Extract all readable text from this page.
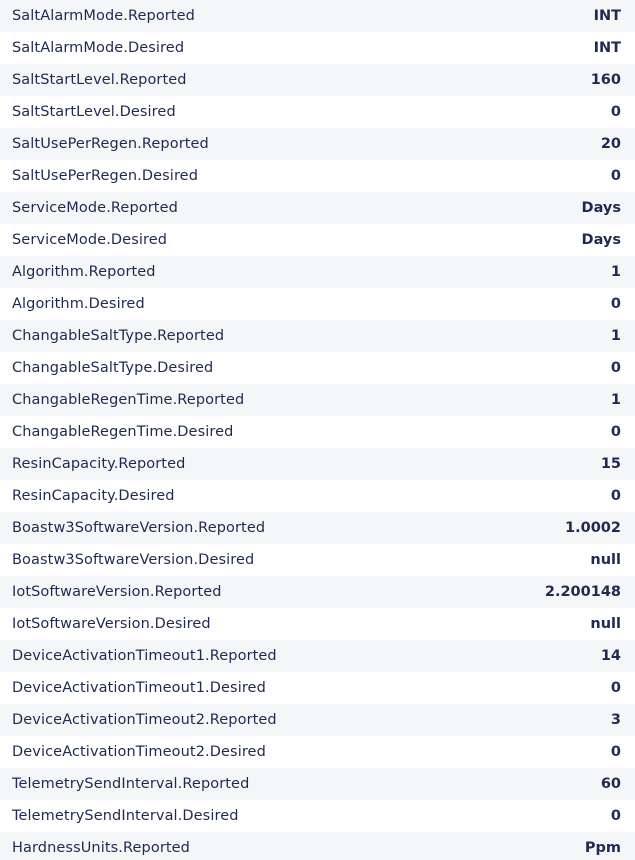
SaltAlarmMode.Reported	INT
SaltAlarmMode.Desired	INT
SaltStartLevel.Reported	160
SaltStartLevel.Desired	0
SaltUsePerRegen.Reported	20
SaltUsePerRegen.Desired	0
ServiceMode.Reported	Days
ServiceMode.Desired	Days
Algorithm.Reported	1
Algorithm.Desired	0
ChangableSaltType.Reported	1
ChangableSaltType.Desired	0
ChangableRegenTime.Reported	1
ChangableRegenTime.Desired	0
ResinCapacity.Reported	15
ResinCapacity.Desired	0
Boastw3SoftwareVersion.Reported	1.0002
Boastw3SoftwareVersion.Desired	null
IotSoftwareVersion.Reported	2.200148
IotSoftwareVersion.Desired	null
DeviceActivationTimeout1.Reported	14
DeviceActivationTimeout1.Desired	0
DeviceActivationTimeout2.Reported	3
DeviceActivationTimeout2.Desired	0
TelemetrySendInterval.Reported	60
TelemetrySendInterval.Desired	0
HardnessUnits.Reported	Ppm
